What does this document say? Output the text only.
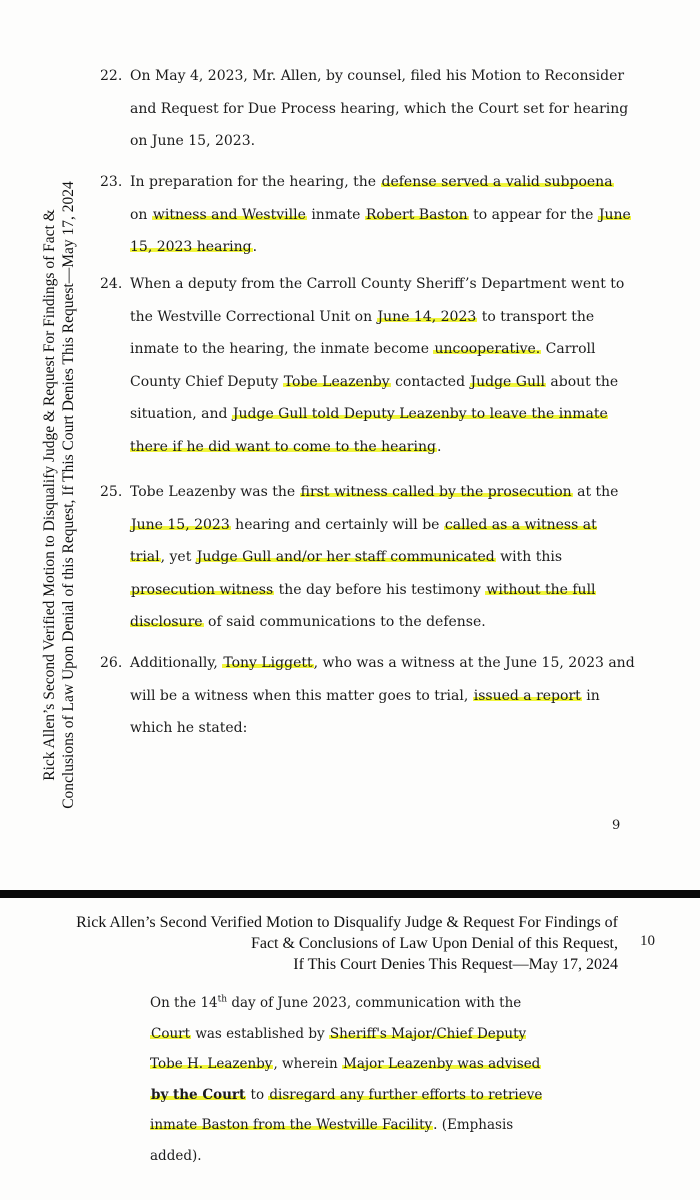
Rick Allen’s Second Verified Motion to Disqualify Judge & Request For Findings of Fact & Conclusions of Law Upon Denial of this Request, If This Court Denies This Request—May 17, 2024
22. On May 4, 2023, Mr. Allen, by counsel, filed his Motion to Reconsider and Request for Due Process hearing, which the Court set for hearing on June 15, 2023.
23. In preparation for the hearing, the defense served a valid subpoena on witness and Westville inmate Robert Baston to appear for the June 15, 2023 hearing.
24. When a deputy from the Carroll County Sheriff’s Department went to the Westville Correctional Unit on June 14, 2023 to transport the inmate to the hearing, the inmate become uncooperative. Carroll County Chief Deputy Tobe Leazenby contacted Judge Gull about the situation, and Judge Gull told Deputy Leazenby to leave the inmate there if he did want to come to the hearing.
25. Tobe Leazenby was the first witness called by the prosecution at the June 15, 2023 hearing and certainly will be called as a witness at trial, yet Judge Gull and/or her staff communicated with this prosecution witness the day before his testimony without the full disclosure of said communications to the defense.
26. Additionally, Tony Liggett, who was a witness at the June 15, 2023 and will be a witness when this matter goes to trial, issued a report in which he stated:
9
Rick Allen’s Second Verified Motion to Disqualify Judge & Request For Findings of
Fact & Conclusions of Law Upon Denial of this Request,
If This Court Denies This Request—May 17, 2024
10
On the 14th day of June 2023, communication with the Court was established by Sheriff's Major/Chief Deputy Tobe H. Leazenby, wherein Major Leazenby was advised by the Court to disregard any further efforts to retrieve inmate Baston from the Westville Facility. (Emphasis added).
